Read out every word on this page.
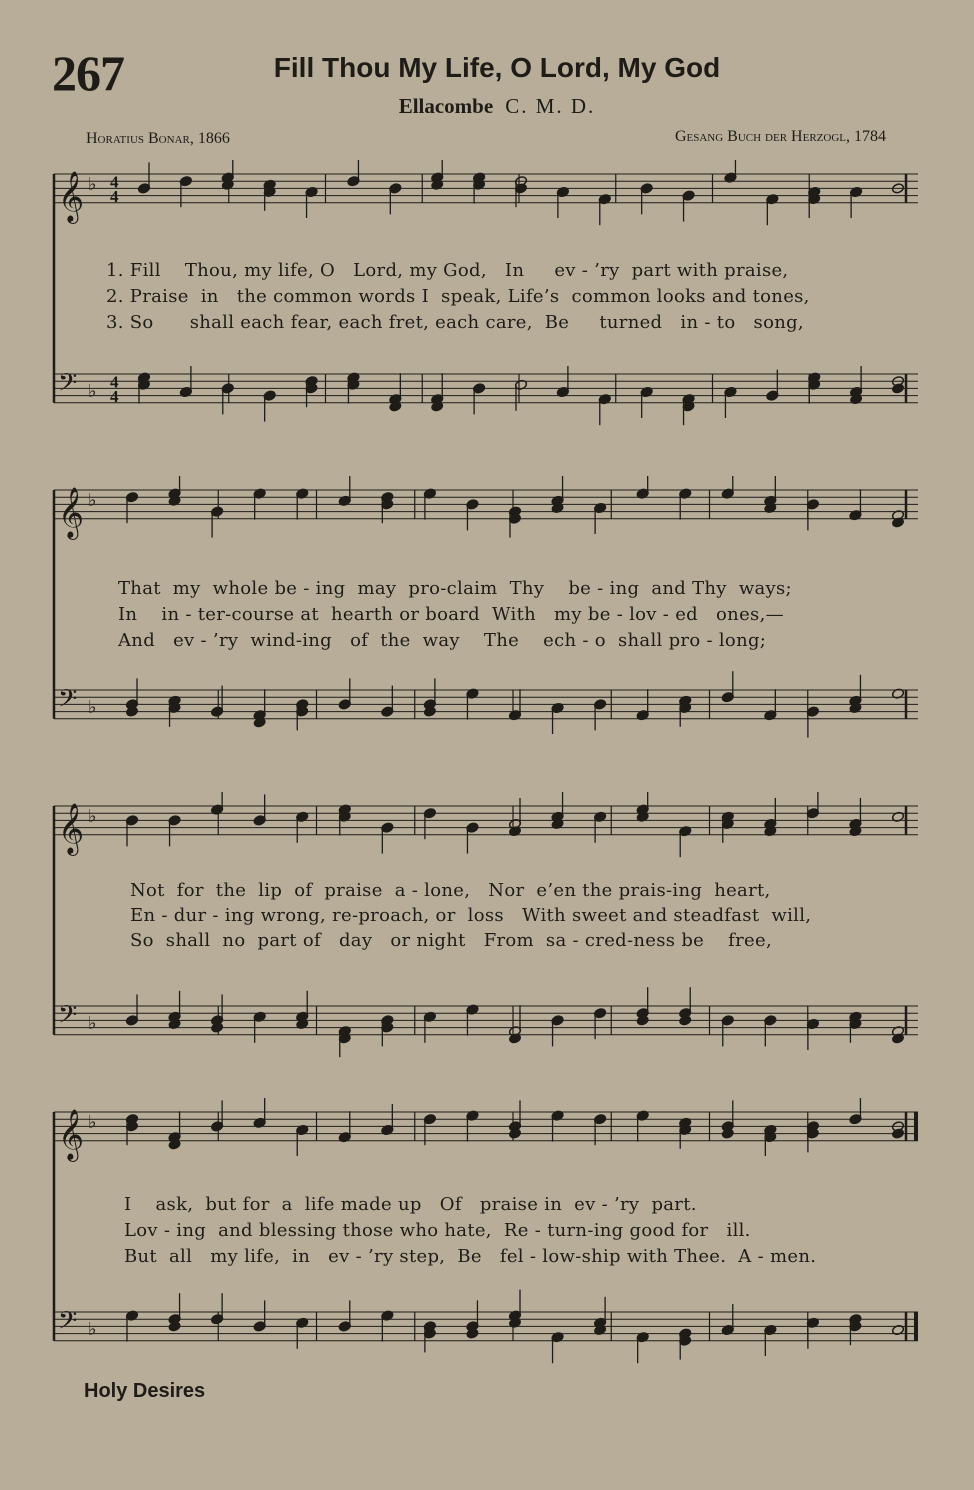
267	Fill Thou My Life, O Lord, My God
Ellacombe C. M. D.
Horatius Bonar, 1866	Gesang Buch der Herzogl, 1784
𝄞 ♭ 4
4
𝄢 ♭ 4
4
1. Fill    Thou, my life, O   Lord, my God,   In     ev - ’ry  part with praise,
2. Praise  in   the common words I  speak, Life’s  common looks and tones,
3. So      shall each fear, each fret, each care,  Be     turned   in - to   song,
𝄞 ♭
𝄢 ♭
That  my  whole be - ing  may  pro-claim  Thy    be - ing  and Thy  ways;
In    in - ter-course at  hearth or board  With   my be - lov - ed   ones,—
And   ev - ’ry  wind-ing   of  the  way    The    ech - o  shall pro - long;
𝄞 ♭
𝄢 ♭
Not  for  the  lip  of  praise  a - lone,   Nor  e’en the prais-ing  heart,
En - dur - ing wrong, re-proach, or  loss   With sweet and steadfast  will,
So  shall  no  part of   day   or night   From  sa - cred-ness be    free,
𝄞 ♭
𝄢 ♭
I    ask,  but for  a  life made up   Of   praise in  ev - ’ry  part.
Lov - ing  and blessing those who hate,  Re - turn-ing good for   ill.
But  all   my life,  in   ev - ’ry step,  Be   fel - low-ship with Thee.  A - men.
Holy Desires
